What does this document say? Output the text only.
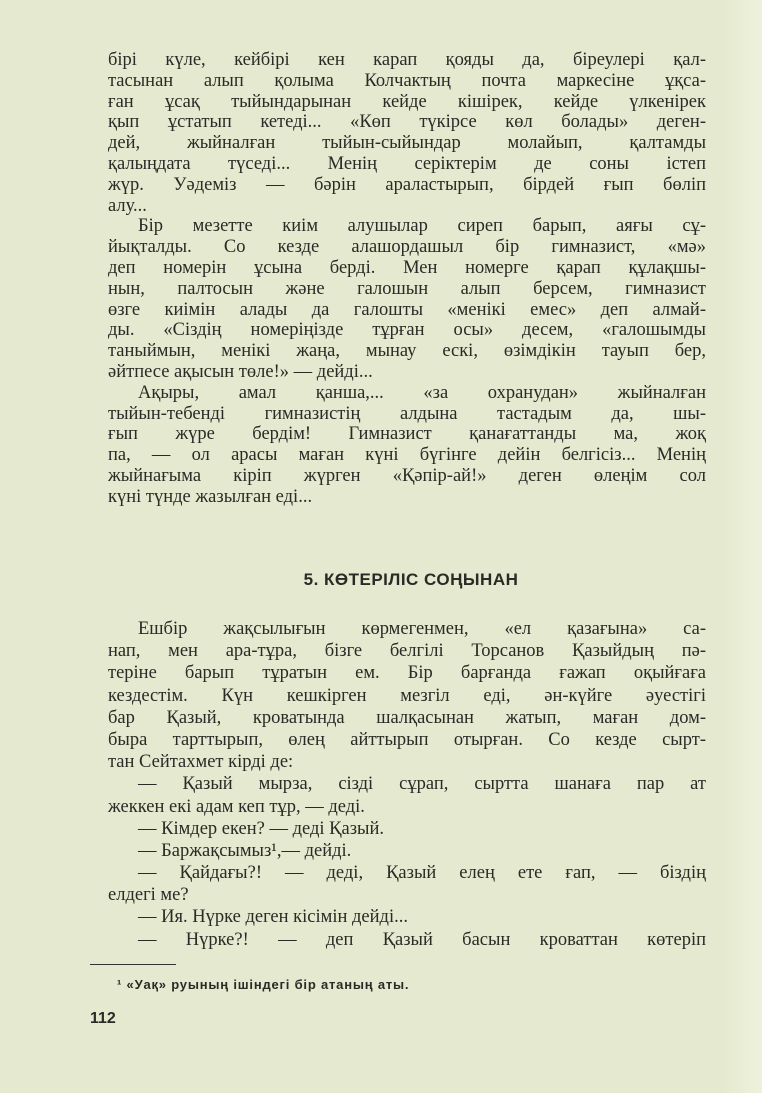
бірі күле, кейбірі кен карап қояды да, біреулері қал-
тасынан алып қолыма Колчактың почта маркесіне ұқса-
ған ұсақ тыйындарынан кейде кішірек, кейде үлкенірек
қып ұстатып кетеді... «Көп түкірсе көл болады» деген-
дей, жыйналған тыйын-сыйындар молайып, қалтамды
қалыңдата түседі... Менің серіктерім де соны істеп
жүр. Уәдеміз — бәрін араластырып, бірдей ғып бөліп
алу...
Бір мезетте киім алушылар сиреп барып, аяғы сұ-
йықталды. Со кезде алашордашыл бір гимназист, «мә»
деп номерін ұсына берді. Мен номерге қарап құлақшы-
нын, палтосын және галошын алып берсем, гимназист
өзге киімін алады да галошты «менікі емес» деп алмай-
ды. «Сіздің номеріңізде тұрған осы» десем, «галошымды
таныймын, менікі жаңа, мынау ескі, өзімдікін тауып бер,
әйтпесе ақысын төле!» — дейді...
Ақыры, амал қанша,... «за охранудан» жыйналған
тыйын-тебенді гимназистің алдына тастадым да, шы-
ғып жүре бердім! Гимназист қанағаттанды ма, жоқ
па, — ол арасы маған күні бүгінге дейін белгісіз... Менің
жыйнағыма кіріп жүрген «Қәпір-ай!» деген өлеңім сол
күні түнде жазылған еді...
5. КӨТЕРІЛІС СОҢЫНАН
Ешбір жақсылығын көрмегенмен, «ел қазағына» са-
нап, мен ара-тұра, бізге белгілі Торсанов Қазыйдың пә-
теріне барып тұратын ем. Бір барғанда ғажап оқыйғаға
кездестім. Күн кешкірген мезгіл еді, ән-күйге әуестігі
бар Қазый, кроватында шалқасынан жатып, маған дом-
быра тарттырып, өлең айттырып отырған. Со кезде сырт-
тан Сейтахмет кірді де:
— Қазый мырза, сізді сұрап, сыртта шанаға пар ат
жеккен екі адам кеп тұр, — деді.
— Кімдер екен? — деді Қазый.
— Баржақсымыз¹,— дейді.
— Қайдағы?! — деді, Қазый елең ете ғап, — біздің
елдегі ме?
— Ия. Нүрке деген кісімін дейді...
— Нүрке?! — деп Қазый басын кроваттан көтеріп
¹ «Уақ» руының ішіндегі бір атаның аты.
112
